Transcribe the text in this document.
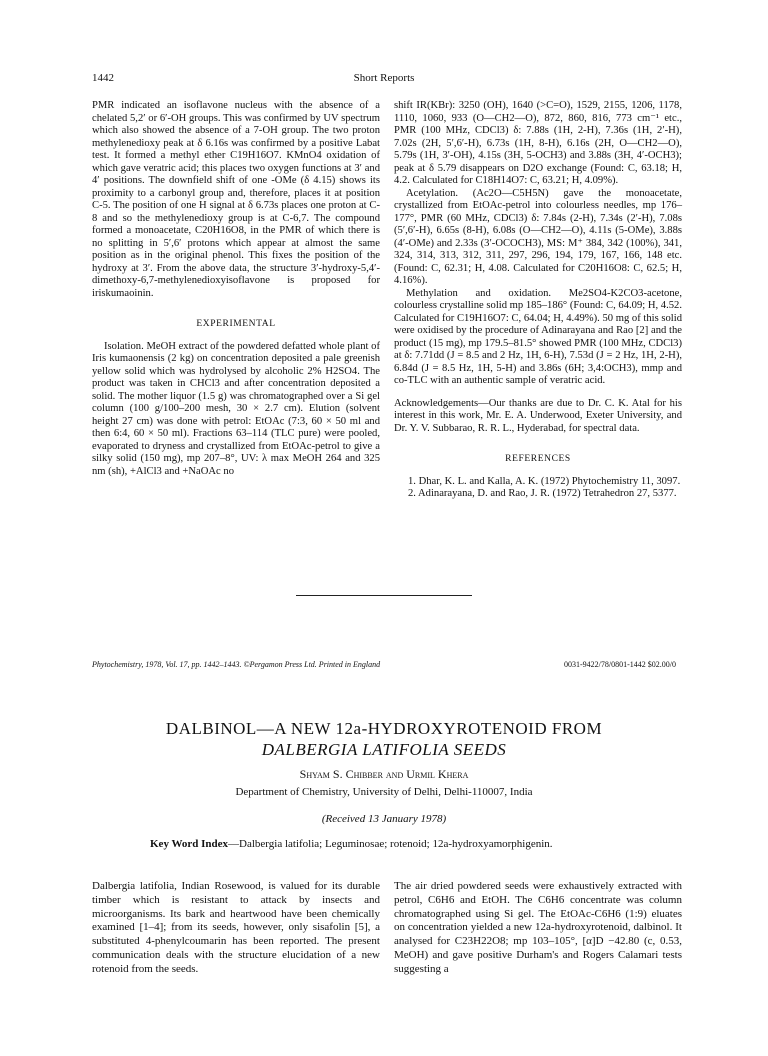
1442	Short Reports

PMR indicated an isoflavone nucleus with the absence of a chelated 5,2′ or 6′-OH groups. This was confirmed by UV spectrum which also showed the absence of a 7-OH group. The two proton methylenedioxy peak at δ 6.16s was confirmed by a positive Labat test. It formed a methyl ether C19H16O7. KMnO4 oxidation of which gave veratric acid; this places two oxygen functions at 3′ and 4′ positions. The downfield shift of one -OMe (δ 4.15) shows its proximity to a carbonyl group and, therefore, places it at position C-5. The position of one H signal at δ 6.73s places one proton at C-8 and so the methylenedioxy group is at C-6,7. The compound formed a monoacetate, C20H16O8, in the PMR of which there is no splitting in 5′,6′ protons which appear at almost the same position as in the original phenol. This fixes the position of the hydroxy at 3′. From the above data, the structure 3′-hydroxy-5,4′-dimethoxy-6,7-methylenedioxyisoflavone is proposed for iriskumaoinin.

EXPERIMENTAL

Isolation. MeOH extract of the powdered defatted whole plant of Iris kumaonensis (2 kg) on concentration deposited a pale greenish yellow solid which was hydrolysed by alcoholic 2% H2SO4. The product was taken in CHCl3 and after concentration deposited a solid. The mother liquor (1.5 g) was chromatographed over a Si gel column (100 g/100–200 mesh, 30 × 2.7 cm). Elution (solvent height 27 cm) was done with petrol: EtOAc (7:3, 60 × 50 ml and then 6:4, 60 × 50 ml). Fractions 63–114 (TLC pure) were pooled, evaporated to dryness and crystallized from EtOAc-petrol to give a silky solid (150 mg), mp 207–8°, UV: λ max MeOH 264 and 325 nm (sh), +AlCl3 and +NaOAc no

shift IR(KBr): 3250 (OH), 1640 (>C=O), 1529, 2155, 1206, 1178, 1110, 1060, 933 (O—CH2—O), 872, 860, 816, 773 cm⁻¹ etc., PMR (100 MHz, CDCl3) δ: 7.88s (1H, 2-H), 7.36s (1H, 2′-H), 7.02s (2H, 5′,6′-H), 6.73s (1H, 8-H), 6.16s (2H, O—CH2—O), 5.79s (1H, 3′-OH), 4.15s (3H, 5-OCH3) and 3.88s (3H, 4′-OCH3); peak at δ 5.79 disappears on D2O exchange (Found: C, 63.18; H, 4.2. Calculated for C18H14O7: C, 63.21; H, 4.09%).

Acetylation. (Ac2O—C5H5N) gave the monoacetate, crystallized from EtOAc-petrol into colourless needles, mp 176–177°, PMR (60 MHz, CDCl3) δ: 7.84s (2-H), 7.34s (2′-H), 7.08s (5′,6′-H), 6.65s (8-H), 6.08s (O—CH2—O), 4.11s (5-OMe), 3.88s (4′-OMe) and 2.33s (3′-OCOCH3), MS: M⁺ 384, 342 (100%), 341, 324, 314, 313, 312, 311, 297, 296, 194, 179, 167, 166, 148 etc. (Found: C, 62.31; H, 4.08. Calculated for C20H16O8: C, 62.5; H, 4.16%).

Methylation and oxidation. Me2SO4-K2CO3-acetone, colourless crystalline solid mp 185–186° (Found: C, 64.09; H, 4.52. Calculated for C19H16O7: C, 64.04; H, 4.49%). 50 mg of this solid were oxidised by the procedure of Adinarayana and Rao [2] and the product (15 mg), mp 179.5–81.5° showed PMR (100 MHz, CDCl3) at δ: 7.71dd (J = 8.5 and 2 Hz, 1H, 6-H), 7.53d (J = 2 Hz, 1H, 2-H), 6.84d (J = 8.5 Hz, 1H, 5-H) and 3.86s (6H; 3,4:OCH3), mmp and co-TLC with an authentic sample of veratric acid.

Acknowledgements—Our thanks are due to Dr. C. K. Atal for his interest in this work, Mr. E. A. Underwood, Exeter University, and Dr. Y. V. Subbarao, R. R. L., Hyderabad, for spectral data.

REFERENCES

1. Dhar, K. L. and Kalla, A. K. (1972) Phytochemistry 11, 3097.

2. Adinarayana, D. and Rao, J. R. (1972) Tetrahedron 27, 5377.

Phytochemistry, 1978, Vol. 17, pp. 1442–1443. ©Pergamon Press Ltd. Printed in England	0031-9422/78/0801-1442 $02.00/0
DALBINOL—A NEW 12a-HYDROXYROTENOID FROM
DALBERGIA LATIFOLIA SEEDS
Shyam S. Chibber and Urmil Khera
Department of Chemistry, University of Delhi, Delhi-110007, India
(Received 13 January 1978)
Key Word Index—Dalbergia latifolia; Leguminosae; rotenoid; 12a-hydroxyamorphigenin.

Dalbergia latifolia, Indian Rosewood, is valued for its durable timber which is resistant to attack by insects and microorganisms. Its bark and heartwood have been chemically examined [1–4]; from its seeds, however, only sisafolin [5], a substituted 4-phenylcoumarin has been reported. The present communication deals with the structure elucidation of a new rotenoid from the seeds.

The air dried powdered seeds were exhaustively extracted with petrol, C6H6 and EtOH. The C6H6 concentrate was column chromatographed using Si gel. The EtOAc-C6H6 (1:9) eluates on concentration yielded a new 12a-hydroxyrotenoid, dalbinol. It analysed for C23H22O8; mp 103–105°, [α]D −42.80 (c, 0.53, MeOH) and gave positive Durham's and Rogers Calamari tests suggesting a
